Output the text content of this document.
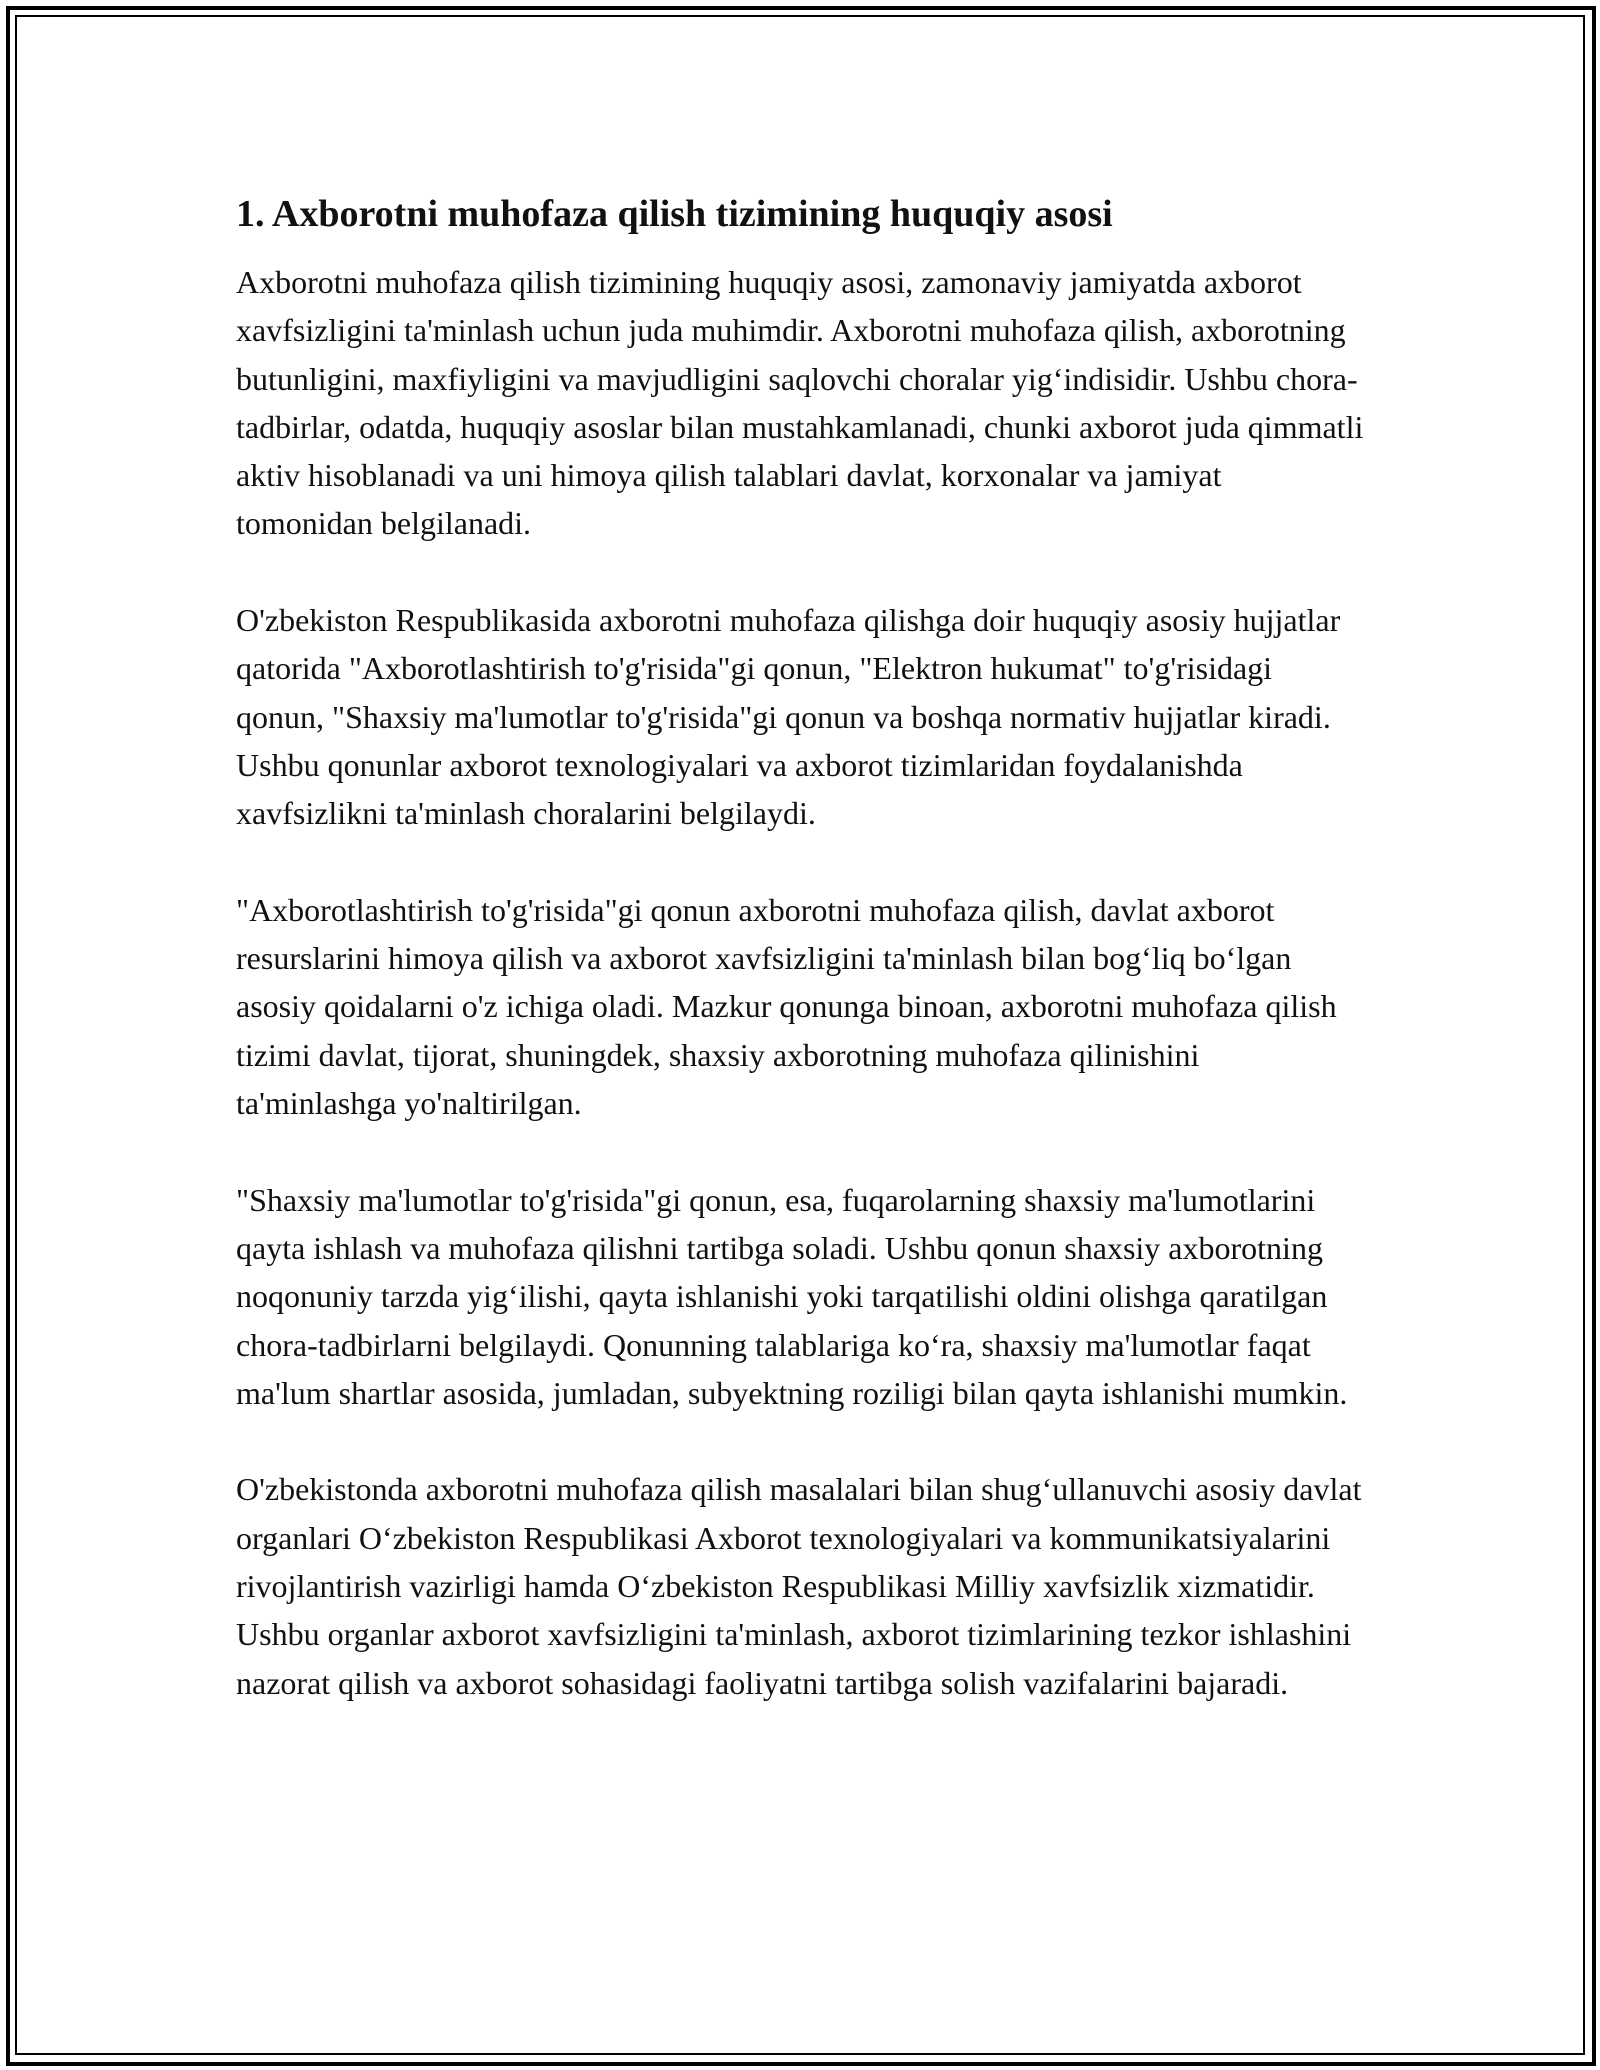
1. Axborotni muhofaza qilish tizimining huquqiy asosi

Axborotni muhofaza qilish tizimining huquqiy asosi, zamonaviy jamiyatda axborot xavfsizligini ta'minlash uchun juda muhimdir. Axborotni muhofaza qilish, axborotning butunligini, maxfiyligini va mavjudligini saqlovchi choralar yig‘indisidir. Ushbu chora-tadbirlar, odatda, huquqiy asoslar bilan mustahkamlanadi, chunki axborot juda qimmatli aktiv hisoblanadi va uni himoya qilish talablari davlat, korxonalar va jamiyat tomonidan belgilanadi.

O'zbekiston Respublikasida axborotni muhofaza qilishga doir huquqiy asosiy hujjatlar qatorida "Axborotlashtirish to'g'risida"gi qonun, "Elektron hukumat" to'g'risidagi qonun, "Shaxsiy ma'lumotlar to'g'risida"gi qonun va boshqa normativ hujjatlar kiradi. Ushbu qonunlar axborot texnologiyalari va axborot tizimlaridan foydalanishda xavfsizlikni ta'minlash choralarini belgilaydi.

"Axborotlashtirish to'g'risida"gi qonun axborotni muhofaza qilish, davlat axborot resurslarini himoya qilish va axborot xavfsizligini ta'minlash bilan bog‘liq bo‘lgan asosiy qoidalarni o'z ichiga oladi. Mazkur qonunga binoan, axborotni muhofaza qilish tizimi davlat, tijorat, shuningdek, shaxsiy axborotning muhofaza qilinishini ta'minlashga yo'naltirilgan.

"Shaxsiy ma'lumotlar to'g'risida"gi qonun, esa, fuqarolarning shaxsiy ma'lumotlarini qayta ishlash va muhofaza qilishni tartibga soladi. Ushbu qonun shaxsiy axborotning noqonuniy tarzda yig‘ilishi, qayta ishlanishi yoki tarqatilishi oldini olishga qaratilgan chora-tadbirlarni belgilaydi. Qonunning talablariga ko‘ra, shaxsiy ma'lumotlar faqat ma'lum shartlar asosida, jumladan, subyektning roziligi bilan qayta ishlanishi mumkin.

O'zbekistonda axborotni muhofaza qilish masalalari bilan shug‘ullanuvchi asosiy davlat organlari O‘zbekiston Respublikasi Axborot texnologiyalari va kommunikatsiyalarini rivojlantirish vazirligi hamda O‘zbekiston Respublikasi Milliy xavfsizlik xizmatidir. Ushbu organlar axborot xavfsizligini ta'minlash, axborot tizimlarining tezkor ishlashini nazorat qilish va axborot sohasidagi faoliyatni tartibga solish vazifalarini bajaradi.
